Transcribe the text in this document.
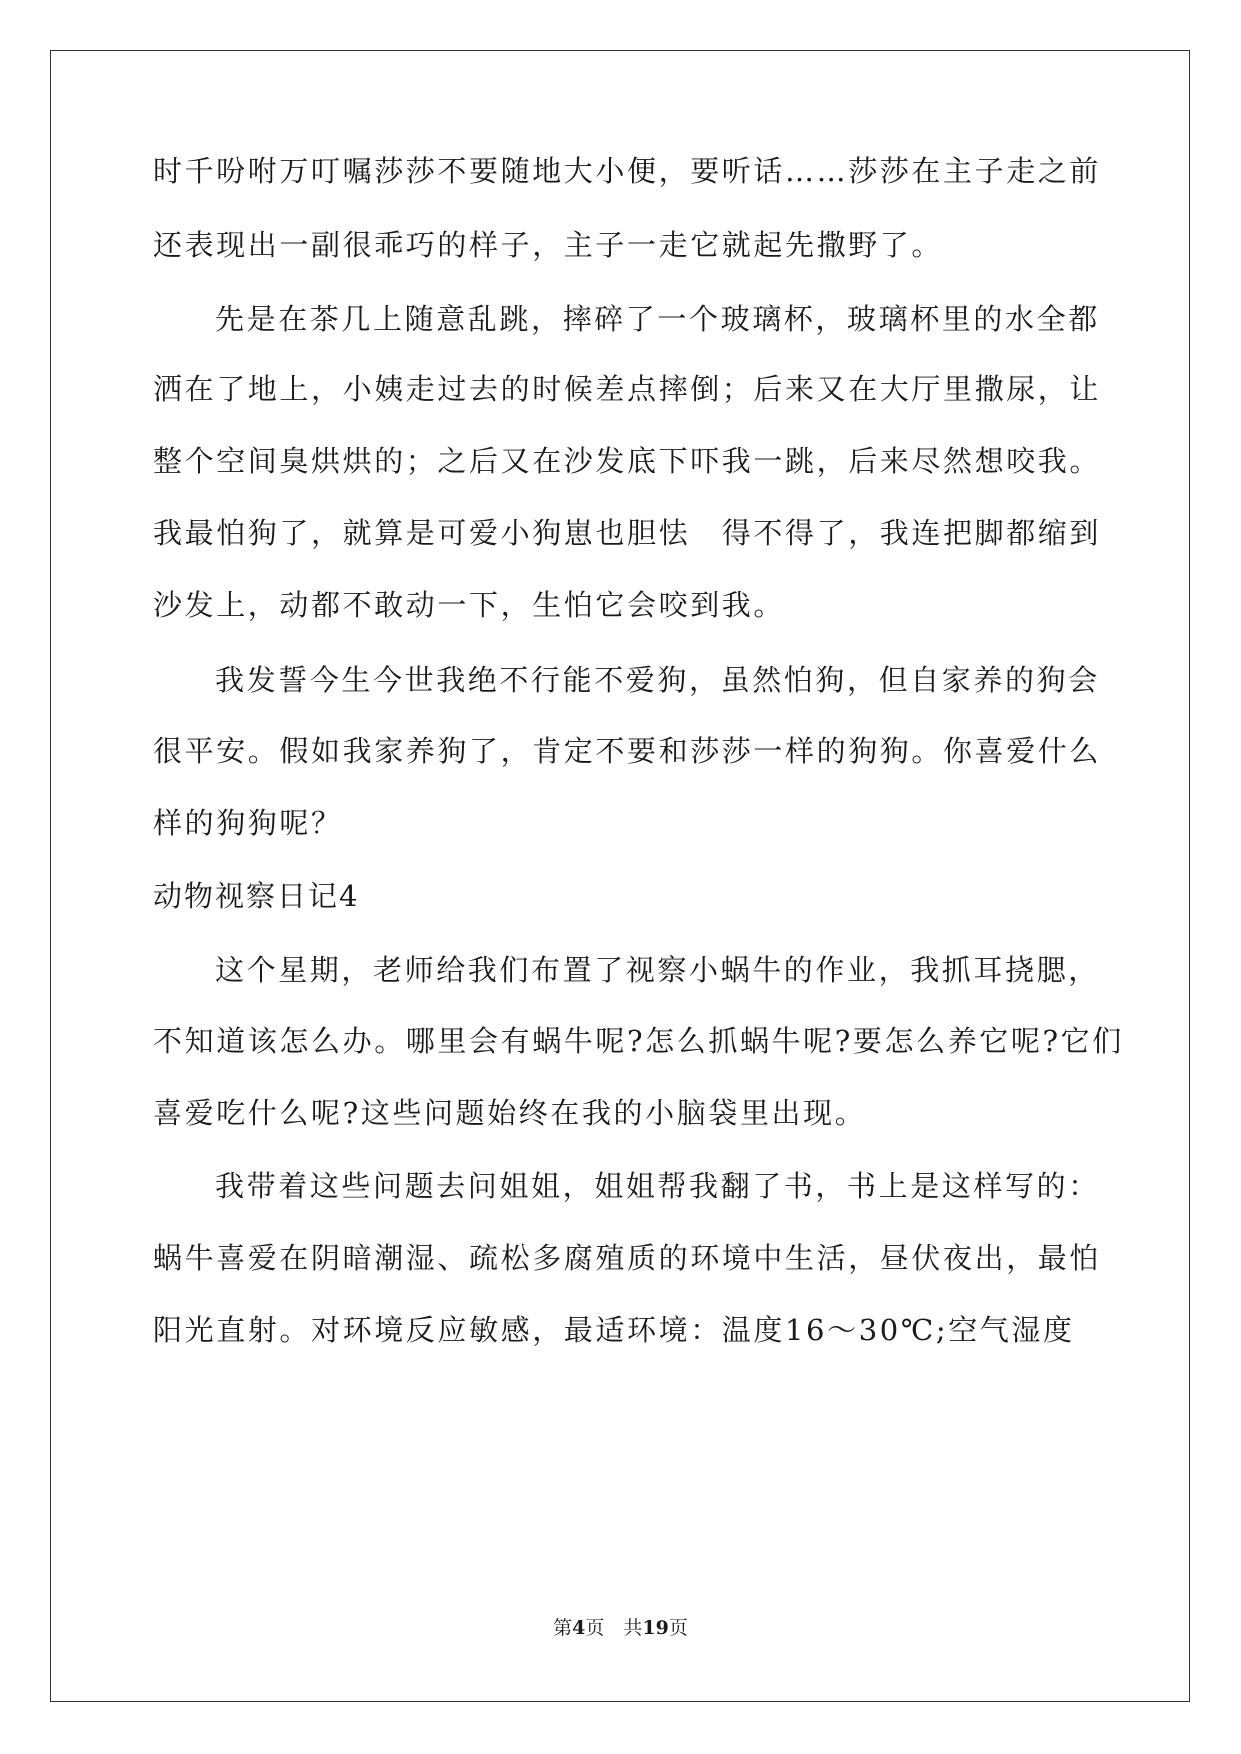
时千吩咐万叮嘱莎莎不要随地大小便，要听话……莎莎在主子走之前
还表现出一副很乖巧的样子，主子一走它就起先撒野了。
先是在茶几上随意乱跳，摔碎了一个玻璃杯，玻璃杯里的水全都
洒在了地上，小姨走过去的时候差点摔倒；后来又在大厅里撒尿，让
整个空间臭烘烘的；之后又在沙发底下吓我一跳，后来尽然想咬我。
我最怕狗了，就算是可爱小狗崽也胆怯　得不得了，我连把脚都缩到
沙发上，动都不敢动一下，生怕它会咬到我。
我发誓今生今世我绝不行能不爱狗，虽然怕狗，但自家养的狗会
很平安。假如我家养狗了，肯定不要和莎莎一样的狗狗。你喜爱什么
样的狗狗呢？
动物视察日记4
这个星期，老师给我们布置了视察小蜗牛的作业，我抓耳挠腮，
不知道该怎么办。哪里会有蜗牛呢?怎么抓蜗牛呢?要怎么养它呢?它们
喜爱吃什么呢?这些问题始终在我的小脑袋里出现。
我带着这些问题去问姐姐，姐姐帮我翻了书，书上是这样写的：
蜗牛喜爱在阴暗潮湿、疏松多腐殖质的环境中生活，昼伏夜出，最怕
阳光直射。对环境反应敏感，最适环境：温度16～30℃;空气湿度
第4页　共19页
